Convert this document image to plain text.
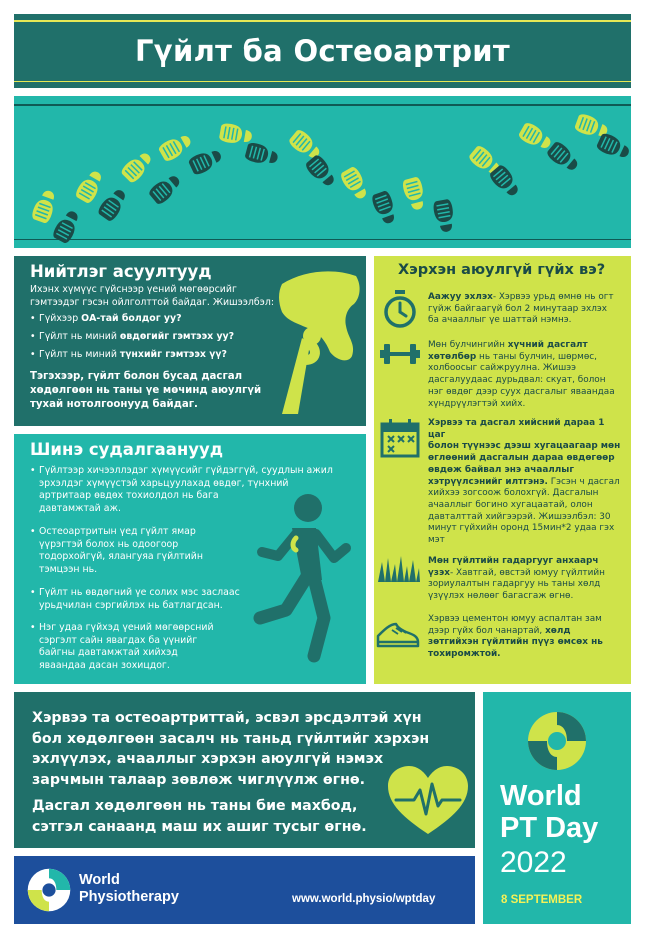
Гүйлт ба Остеоартрит
Нийтлэг асуултууд
Ихэнх хүмүүс гүйснээр үений мөгөөрсийг
гэмтээдэг гэсэн ойлголттой байдаг. Жишээлбэл:
• Гүйхээр ОА-тай болдог уу?
• Гүйлт нь миний өвдөгийг гэмтээх уу?
• Гүйлт нь миний түнхийг гэмтээх үү?
Тэгэхээр, гүйлт болон бусад дасгал
хөдөлгөөн нь таны үе мөчинд аюулгүй
тухай нотолгоонууд байдаг.
Шинэ судалгаанууд
• Гүйлтээр хичээллэдэг хүмүүсийг гүйдэггүй, суудлын ажил
эрхэлдэг хүмүүстэй харьцуулахад өвдөг, түнхний
артритаар өвдөх тохиолдол нь бага
давтамжтай аж.
• Остеоартритын үед гүйлт ямар
үүрэгтэй болох нь одоогоор
тодорхойгүй, ялангуяа гүйлтийн
тэмцээн нь.
• Гүйлт нь өвдөгний үе солих мэс заслаас
урьдчилан сэргийлэх нь батлагдсан.
• Нэг удаа гүйхэд үений мөгөөрсний
сэргэлт сайн явагдах ба үүнийг
байгны давтамжтай хийхэд
яваандаа дасан зохицдог.
Хэрхэн аюулгүй гүйх вэ?
Аажуу эхлэх- Хэрвээ урьд өмнө нь огт
гүйж байгаагүй бол 2 минутаар эхлэх
ба ачааллыг үе шаттай нэмнэ.
Мөн булчингийн хүчний дасгалт
хөтөлбөр нь таны булчин, шөрмөс,
холбоосыг сайжруулна. Жишээ
дасгалуудаас дурьдвал: скуат, болон
нэг өвдөг дээр суух дасгалыг яваандаа
хүндрүүлэгтэй хийх.
Хэрвээ та дасгал хийсний дараа 1 цаг
болон түүнээс дээш хугацаагаар мөн
өглөөний дасгалын дараа өвдөгөөр
өвдөж байвал энэ ачааллыг
хэтрүүлсэнийг илтгэнэ. Гэсэн ч дасгал
хийхээ зогсоож болохгүй. Дасгалын
ачааллыг богино хугацаатай, олон
давталттай хийгээрэй. Жишээлбэл: 30
минут гүйхийн оронд 15мин*2 удаа гэх
мэт
Мөн гүйлтийн гадаргууг анхаарч
үзэх- Хавтгай, өвстэй юмуу гүйлтийн
зориулалтын гадаргуу нь таны хөлд
үзүүлэх нөлөөг багасгаж өгнө.
Хэрвээ цементон юмуу аспалтан зам
дээр гүйх бол чанартай, хөлд
зөтгийхэн гүйлтийн пүүз өмсөх нь
тохиромжтой.
Хэрвээ та остеоартриттай, эсвэл эрсдэлтэй хүн
бол хөдөлгөөн засалч нь таньд гүйлтийг хэрхэн
эхлүүлэх, ачааллыг хэрхэн аюулгүй нэмэх
зарчмын талаар зөвлөж чиглүүлж өгнө.
Дасгал хөдөлгөөн нь таны бие махбод,
сэтгэл санаанд маш их ашиг тусыг өгнө.
World
PT Day
2022
8 SEPTEMBER
World
Physiotherapy	www.world.physio/wptday
